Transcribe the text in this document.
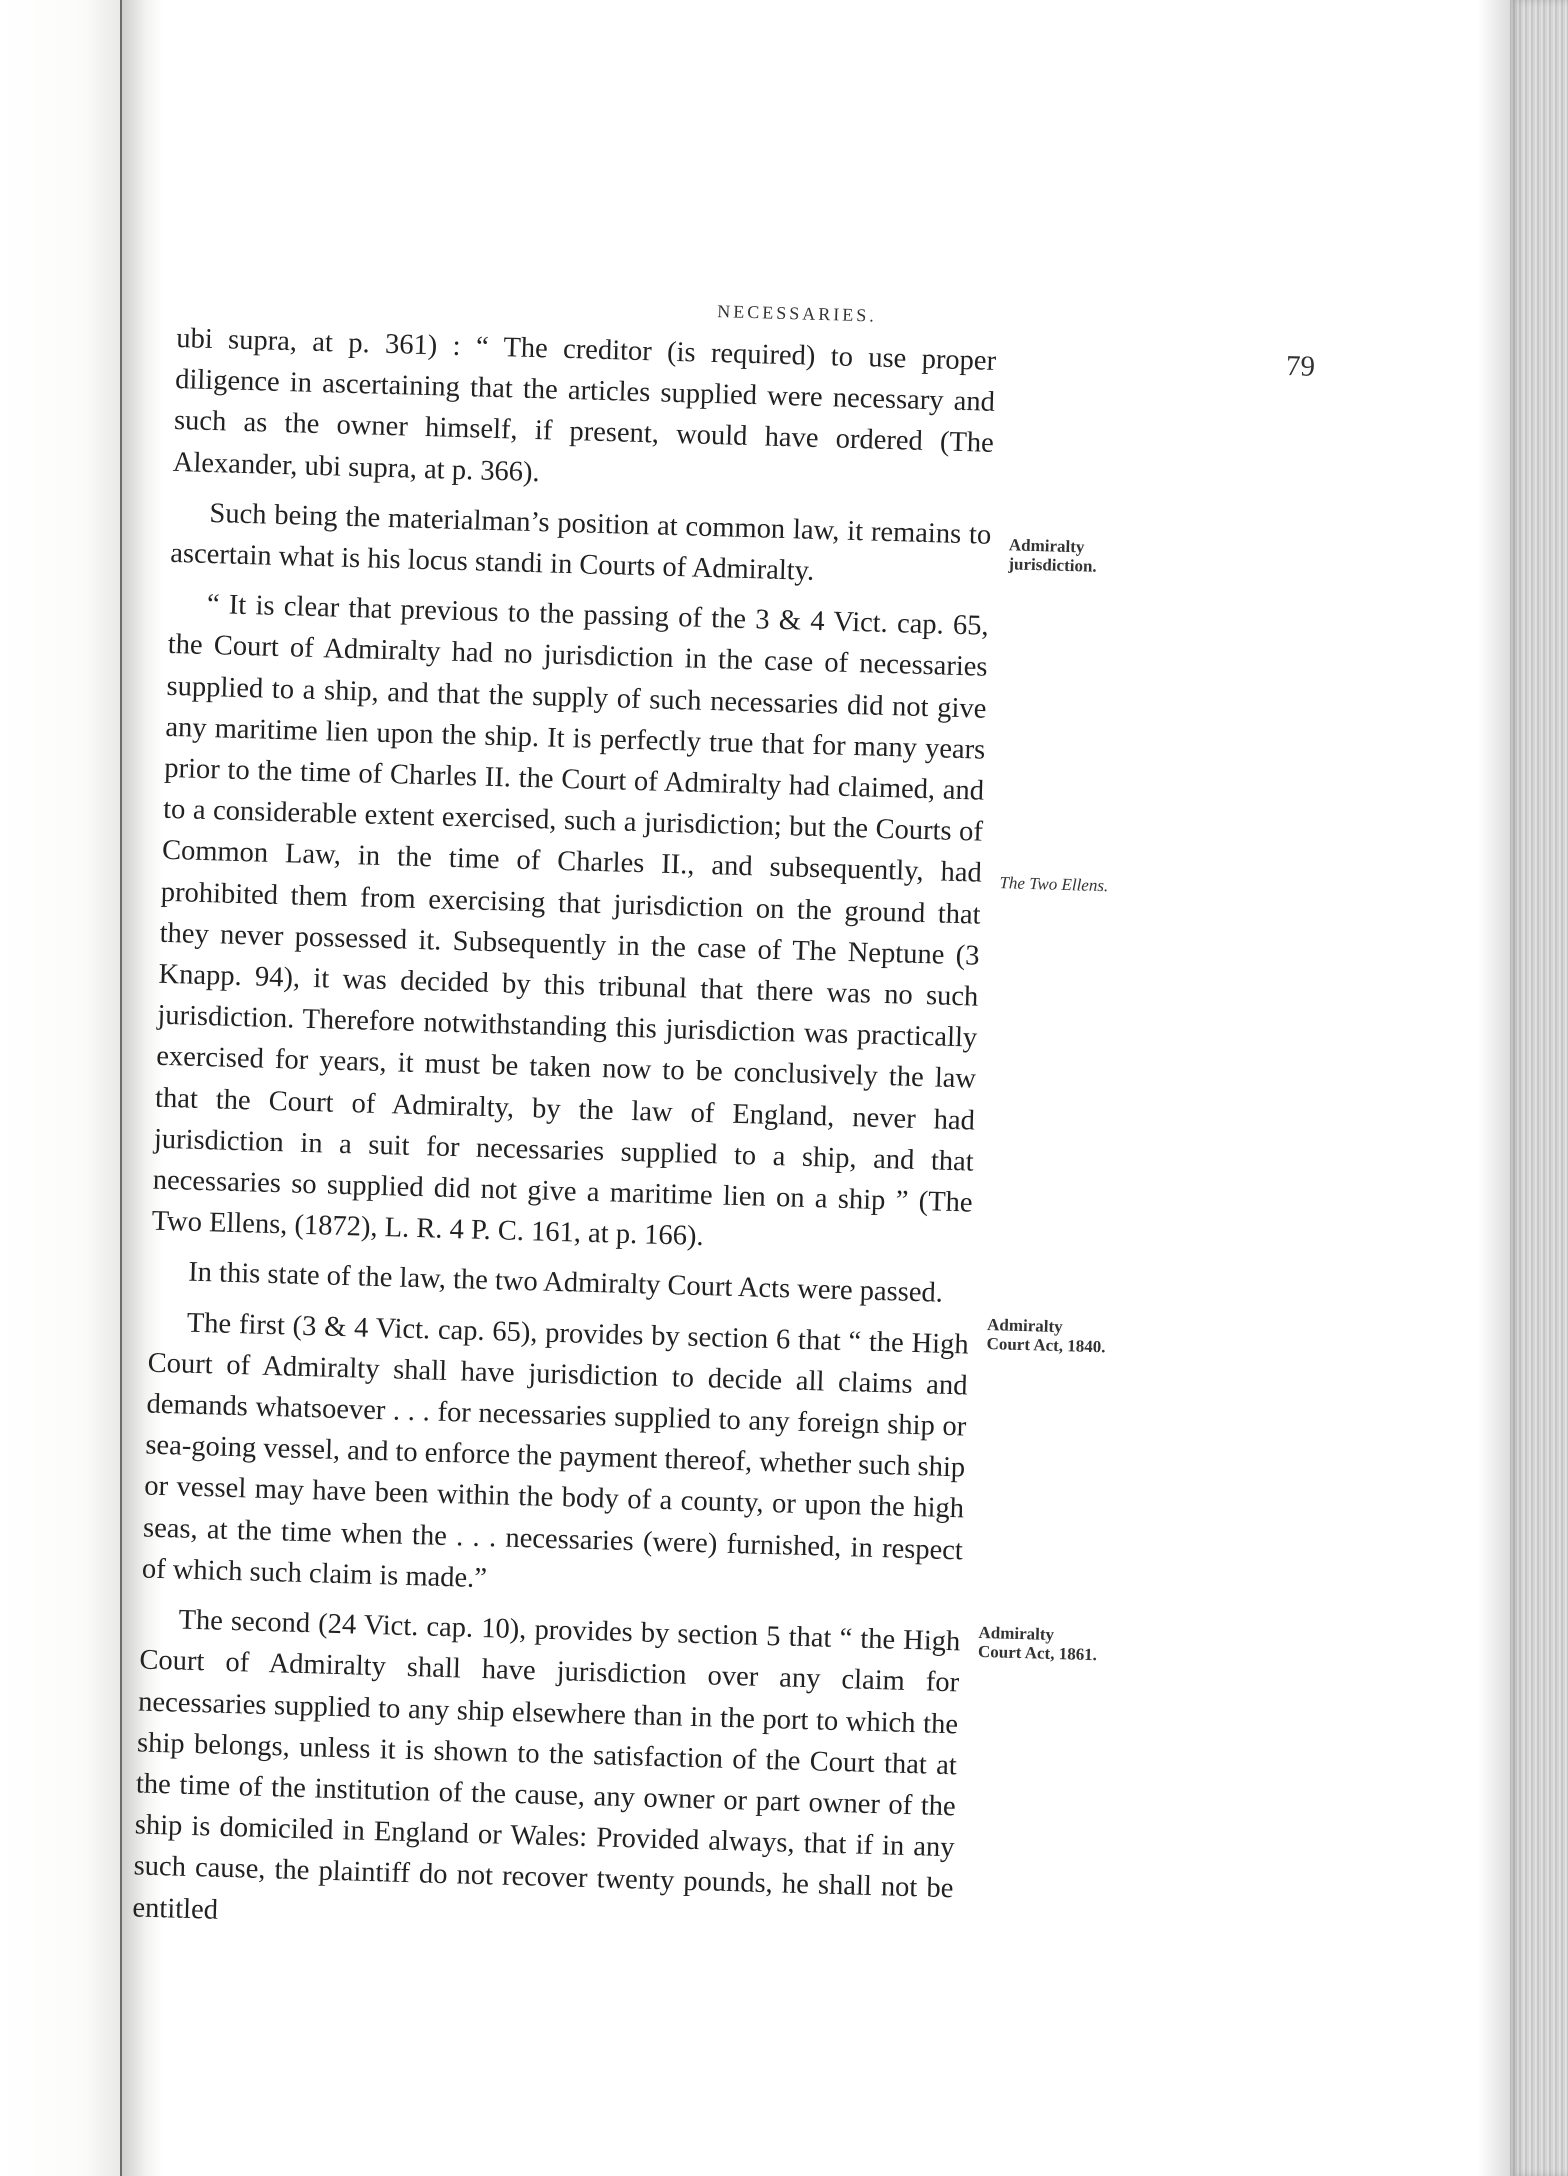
NECESSARIES.
79

ubi supra, at p. 361) : “ The creditor (is required) to use proper diligence in ascertaining that the articles supplied were necessary and such as the owner himself, if present, would have ordered (The Alexander, ubi supra, at p. 366).

Such being the materialman’s position at common law, it remains to ascertain what is his locus standi in Courts of Admiralty.

“ It is clear that previous to the passing of the 3 & 4 Vict. cap. 65, the Court of Admiralty had no jurisdiction in the case of necessaries supplied to a ship, and that the supply of such necessaries did not give any maritime lien upon the ship. It is perfectly true that for many years prior to the time of Charles II. the Court of Admiralty had claimed, and to a considerable extent exercised, such a jurisdiction; but the Courts of Common Law, in the time of Charles II., and subsequently, had prohibited them from exercising that jurisdiction on the ground that they never possessed it. Subsequently in the case of The Neptune (3 Knapp. 94), it was decided by this tribunal that there was no such jurisdiction. Therefore notwithstanding this jurisdiction was practically exercised for years, it must be taken now to be conclusively the law that the Court of Admiralty, by the law of England, never had jurisdiction in a suit for necessaries supplied to a ship, and that necessaries so supplied did not give a maritime lien on a ship ” (The Two Ellens, (1872), L. R. 4 P. C. 161, at p. 166).

In this state of the law, the two Admiralty Court Acts were passed.

The first (3 & 4 Vict. cap. 65), provides by section 6 that “ the High Court of Admiralty shall have jurisdiction to decide all claims and demands whatsoever . . . for necessaries supplied to any foreign ship or sea-going vessel, and to enforce the payment thereof, whether such ship or vessel may have been within the body of a county, or upon the high seas, at the time when the . . . necessaries (were) furnished, in respect of which such claim is made.”

The second (24 Vict. cap. 10), provides by section 5 that “ the High Court of Admiralty shall have jurisdiction over any claim for necessaries supplied to any ship elsewhere than in the port to which the ship belongs, unless it is shown to the satisfaction of the Court that at the time of the institution of the cause, any owner or part owner of the ship is domiciled in England or Wales: Provided always, that if in any such cause, the plaintiff do not recover twenty pounds, he shall not be entitled

Admiralty jurisdiction.
The Two Ellens.
Admiralty Court Act, 1840.
Admiralty Court Act, 1861.
